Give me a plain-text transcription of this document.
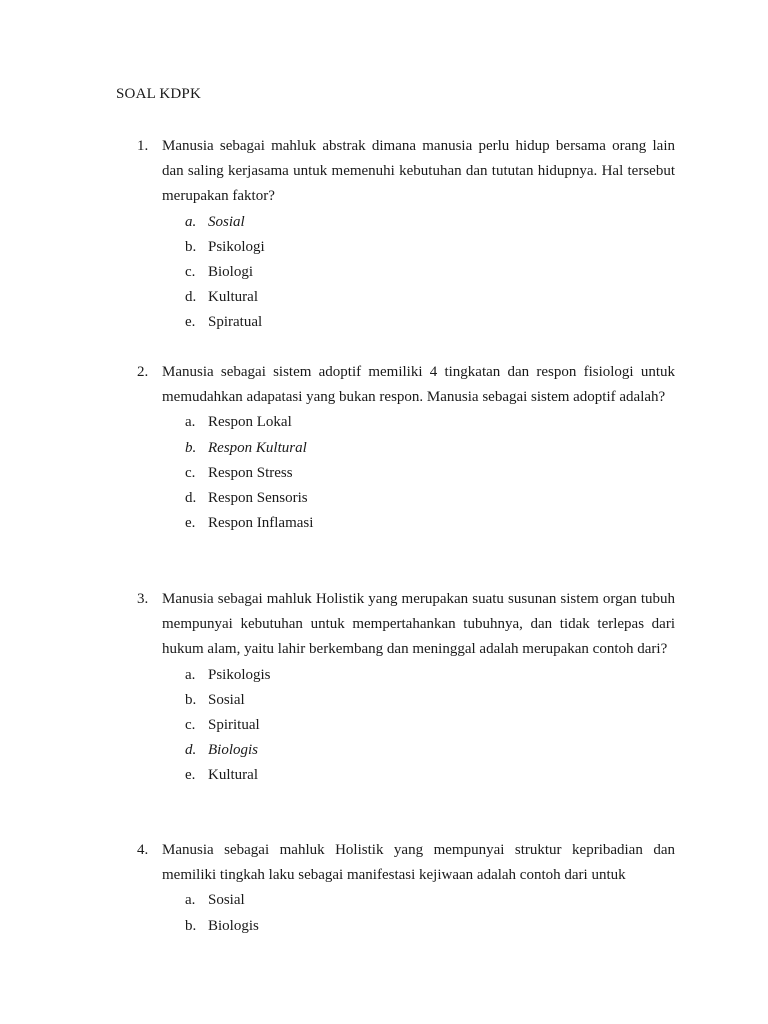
SOAL KDPK
1. Manusia sebagai mahluk abstrak dimana manusia perlu hidup bersama orang lain dan saling kerjasama untuk memenuhi kebutuhan dan tututan hidupnya. Hal tersebut merupakan faktor?
a. Sosial
b. Psikologi
c. Biologi
d. Kultural
e. Spiratual
2. Manusia sebagai sistem adoptif memiliki 4 tingkatan dan respon fisiologi untuk memudahkan adapatasi yang bukan respon. Manusia sebagai sistem adoptif adalah?
a. Respon Lokal
b. Respon Kultural
c. Respon Stress
d. Respon Sensoris
e. Respon Inflamasi
3. Manusia sebagai mahluk Holistik yang merupakan suatu susunan sistem organ tubuh mempunyai kebutuhan untuk mempertahankan tubuhnya, dan tidak terlepas dari hukum alam, yaitu lahir berkembang dan meninggal adalah merupakan contoh dari?
a. Psikologis
b. Sosial
c. Spiritual
d. Biologis
e. Kultural
4. Manusia sebagai mahluk Holistik yang mempunyai struktur kepribadian dan memiliki tingkah laku sebagai manifestasi kejiwaan adalah contoh dari untuk
a. Sosial
b. Biologis
